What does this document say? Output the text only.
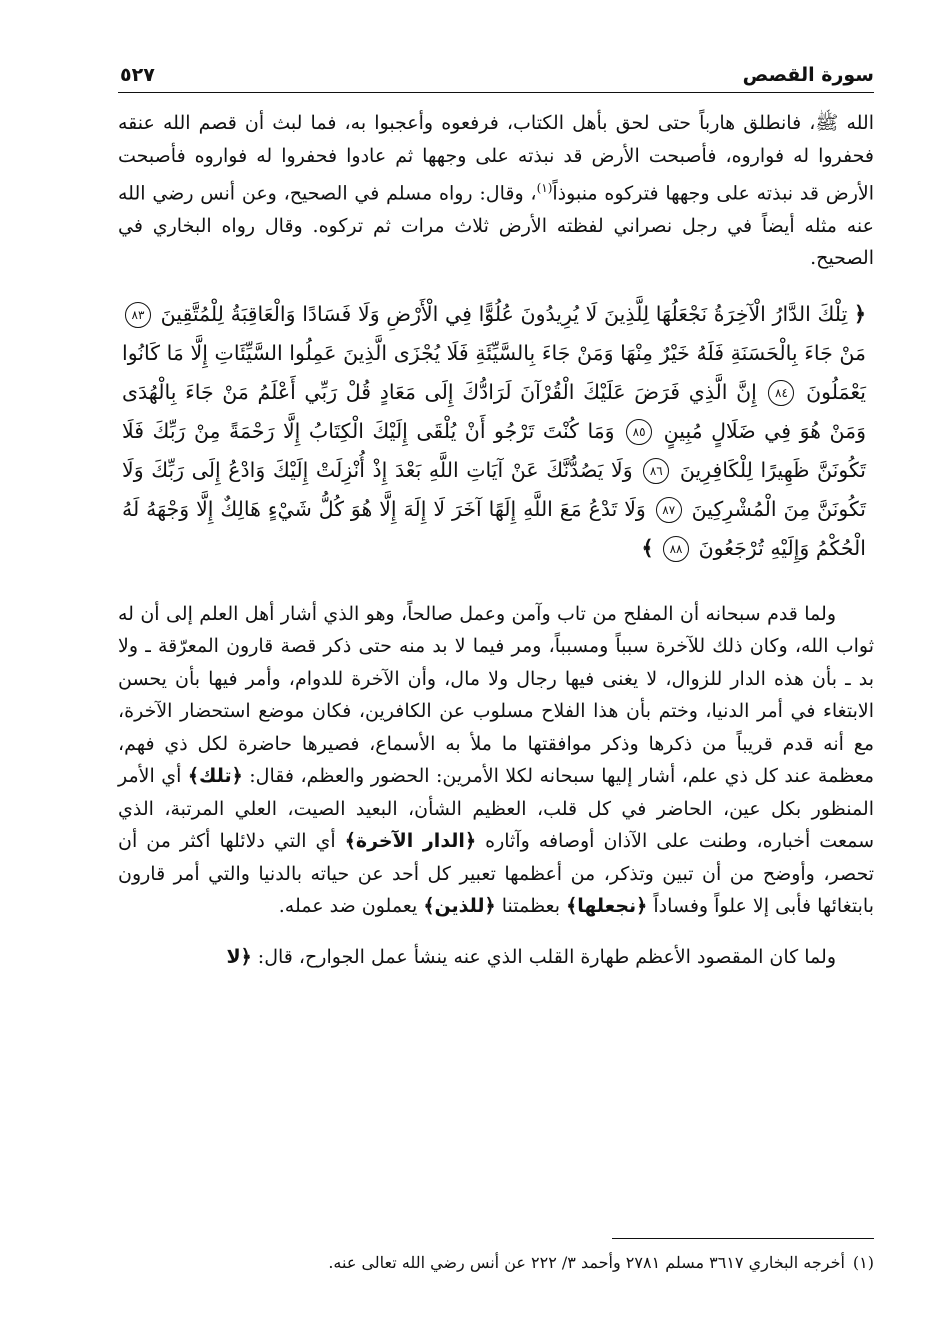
سورة القصص
٥٢٧

الله ﷺ، فانطلق هارباً حتى لحق بأهل الكتاب، فرفعوه وأعجبوا به، فما لبث أن قصم الله عنقه فحفروا له فواروه، فأصبحت الأرض قد نبذته على وجهها ثم عادوا فحفروا له فواروه فأصبحت الأرض قد نبذته على وجهها فتركوه منبوذاً$^{(١)}$، وقال: رواه مسلم في الصحيح، وعن أنس رضي الله عنه مثله أيضاً في رجل نصراني لفظته الأرض ثلاث مرات ثم تركوه. وقال رواه البخاري في الصحيح.

﴿ تِلْكَ الدَّارُ الْآخِرَةُ نَجْعَلُهَا لِلَّذِينَ لَا يُرِيدُونَ عُلُوًّا فِي الْأَرْضِ وَلَا فَسَادًا وَالْعَاقِبَةُ لِلْمُتَّقِينَ ٨٣ مَنْ جَاءَ بِالْحَسَنَةِ فَلَهُ خَيْرٌ مِنْهَا وَمَنْ جَاءَ بِالسَّيِّئَةِ فَلَا يُجْزَى الَّذِينَ عَمِلُوا السَّيِّئَاتِ إِلَّا مَا كَانُوا يَعْمَلُونَ ٨٤ إِنَّ الَّذِي فَرَضَ عَلَيْكَ الْقُرْآنَ لَرَادُّكَ إِلَى مَعَادٍ قُلْ رَبِّي أَعْلَمُ مَنْ جَاءَ بِالْهُدَى وَمَنْ هُوَ فِي ضَلَالٍ مُبِينٍ ٨٥ وَمَا كُنْتَ تَرْجُو أَنْ يُلْقَى إِلَيْكَ الْكِتَابُ إِلَّا رَحْمَةً مِنْ رَبِّكَ فَلَا تَكُونَنَّ ظَهِيرًا لِلْكَافِرِينَ ٨٦ وَلَا يَصُدُّنَّكَ عَنْ آيَاتِ اللَّهِ بَعْدَ إِذْ أُنْزِلَتْ إِلَيْكَ وَادْعُ إِلَى رَبِّكَ وَلَا تَكُونَنَّ مِنَ الْمُشْرِكِينَ ٨٧ وَلَا تَدْعُ مَعَ اللَّهِ إِلَهًا آخَرَ لَا إِلَهَ إِلَّا هُوَ كُلُّ شَيْءٍ هَالِكٌ إِلَّا وَجْهَهُ لَهُ الْحُكْمُ وَإِلَيْهِ تُرْجَعُونَ ٨٨ ﴾

ولما قدم سبحانه أن المفلح من تاب وآمن وعمل صالحاً، وهو الذي أشار أهل العلم إلى أن له ثواب الله، وكان ذلك للآخرة سبباً ومسبباً، ومر فيما لا بد منه حتى ذكر قصة قارون المعرّقة ـ ولا بد ـ بأن هذه الدار للزوال، لا يغنى فيها رجال ولا مال، وأن الآخرة للدوام، وأمر فيها بأن يحسن الابتغاء في أمر الدنيا، وختم بأن هذا الفلاح مسلوب عن الكافرين، فكان موضع استحضار الآخرة، مع أنه قدم قريباً من ذكرها وذكر موافقتها ما ملأ به الأسماع، فصيرها حاضرة لكل ذي فهم، معظمة عند كل ذي علم، أشار إليها سبحانه لكلا الأمرين: الحضور والعظم، فقال: ﴿تلك﴾ أي الأمر المنظور بكل عين، الحاضر في كل قلب، العظيم الشأن، البعيد الصيت، العلي المرتبة، الذي سمعت أخباره، وطنت على الآذان أوصافه وآثاره ﴿الدار الآخرة﴾ أي التي دلائلها أكثر من أن تحصر، وأوضح من أن تبين وتذكر، من أعظمها تعبير كل أحد عن حياته بالدنيا والتي أمر قارون بابتغائها فأبى إلا علواً وفساداً ﴿نجعلها﴾ بعظمتنا ﴿للذين﴾ يعملون ضد عمله.

ولما كان المقصود الأعظم طهارة القلب الذي عنه ينشأ عمل الجوارح، قال: ﴿لا

(١)أخرجه البخاري ٣٦١٧ مسلم ٢٧٨١ وأحمد ٣/ ٢٢٢ عن أنس رضي الله تعالى عنه.
